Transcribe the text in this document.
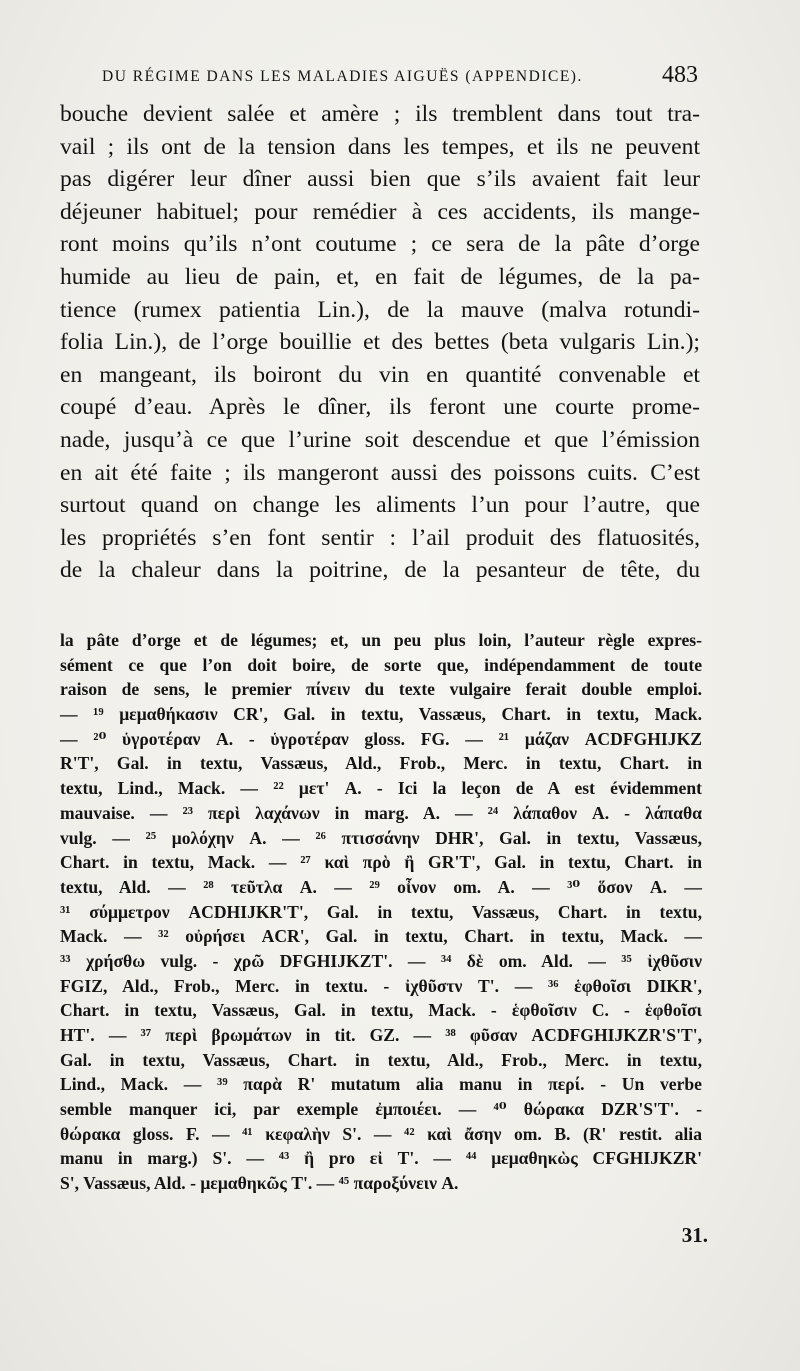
DU RÉGIME DANS LES MALADIES AIGUËS (APPENDICE).	483
bouche devient salée et amère ; ils tremblent dans tout tra-
vail ; ils ont de la tension dans les tempes, et ils ne peuvent
pas digérer leur dîner aussi bien que s’ils avaient fait leur
déjeuner habituel; pour remédier à ces accidents, ils mange-
ront moins qu’ils n’ont coutume ; ce sera de la pâte d’orge
humide au lieu de pain, et, en fait de légumes, de la pa-
tience (rumex patientia Lin.), de la mauve (malva rotundi-
folia Lin.), de l’orge bouillie et des bettes (beta vulgaris Lin.);
en mangeant, ils boiront du vin en quantité convenable et
coupé d’eau. Après le dîner, ils feront une courte prome-
nade, jusqu’à ce que l’urine soit descendue et que l’émission
en ait été faite ; ils mangeront aussi des poissons cuits. C’est
surtout quand on change les aliments l’un pour l’autre, que
les propriétés s’en font sentir : l’ail produit des flatuosités,
de la chaleur dans la poitrine, de la pesanteur de tête, du
la pâte d’orge et de légumes; et, un peu plus loin, l’auteur règle expres-
sément ce que l’on doit boire, de sorte que, indépendamment de toute
raison de sens, le premier πίνειν du texte vulgaire ferait double emploi.
— ¹⁹ μεμαθήκασιν CR', Gal. in textu, Vassæus, Chart. in textu, Mack.
— ²⁰ ὑγροτέραν A. - ὑγροτέραν gloss. FG. — ²¹ μάζαν ACDFGHIJKZ
R'T', Gal. in textu, Vassæus, Ald., Frob., Merc. in textu, Chart. in
textu, Lind., Mack. — ²² μετ' A. - Ici la leçon de A est évidemment
mauvaise. — ²³ περὶ λαχάνων in marg. A. — ²⁴ λάπαθον A. - λάπαθα
vulg. — ²⁵ μολόχην A. — ²⁶ πτισσάνην DHR', Gal. in textu, Vassæus,
Chart. in textu, Mack. — ²⁷ καὶ πρὸ ἢ GR'T', Gal. in textu, Chart. in
textu, Ald. — ²⁸ τεῦτλα A. — ²⁹ οἶνον om. A. — ³⁰ ὅσον A. —
³¹ σύμμετρον ACDHIJKR'T', Gal. in textu, Vassæus, Chart. in textu,
Mack. — ³² οὐρήσει ACR', Gal. in textu, Chart. in textu, Mack. —
³³ χρήσθω vulg. - χρῶ DFGHIJKZT'. — ³⁴ δὲ om. Ald. — ³⁵ ἰχθῦσιν
FGIZ, Ald., Frob., Merc. in textu. - ἰχθῦστν T'. — ³⁶ ἑφθοῖσι DIKR',
Chart. in textu, Vassæus, Gal. in textu, Mack. - ἑφθοῖσιν C. - ἑφθοῖσι
HT'. — ³⁷ περὶ βρωμάτων in tit. GZ. — ³⁸ φῦσαν ACDFGHIJKZR'S'T',
Gal. in textu, Vassæus, Chart. in textu, Ald., Frob., Merc. in textu,
Lind., Mack. — ³⁹ παρὰ R' mutatum alia manu in περί. - Un verbe
semble manquer ici, par exemple ἐμποιέει. — ⁴⁰ θώρακα DZR'S'T'. -
θώρακα gloss. F. — ⁴¹ κεφαλὴν S'. — ⁴² καὶ ἄσην om. B. (R' restit. alia
manu in marg.) S'. — ⁴³ ἢ pro εἰ T'. — ⁴⁴ μεμαθηκὼς CFGHIJKZR'
S', Vassæus, Ald. - μεμαθηκῶς T'. — ⁴⁵ παροξύνειν A.
31.
